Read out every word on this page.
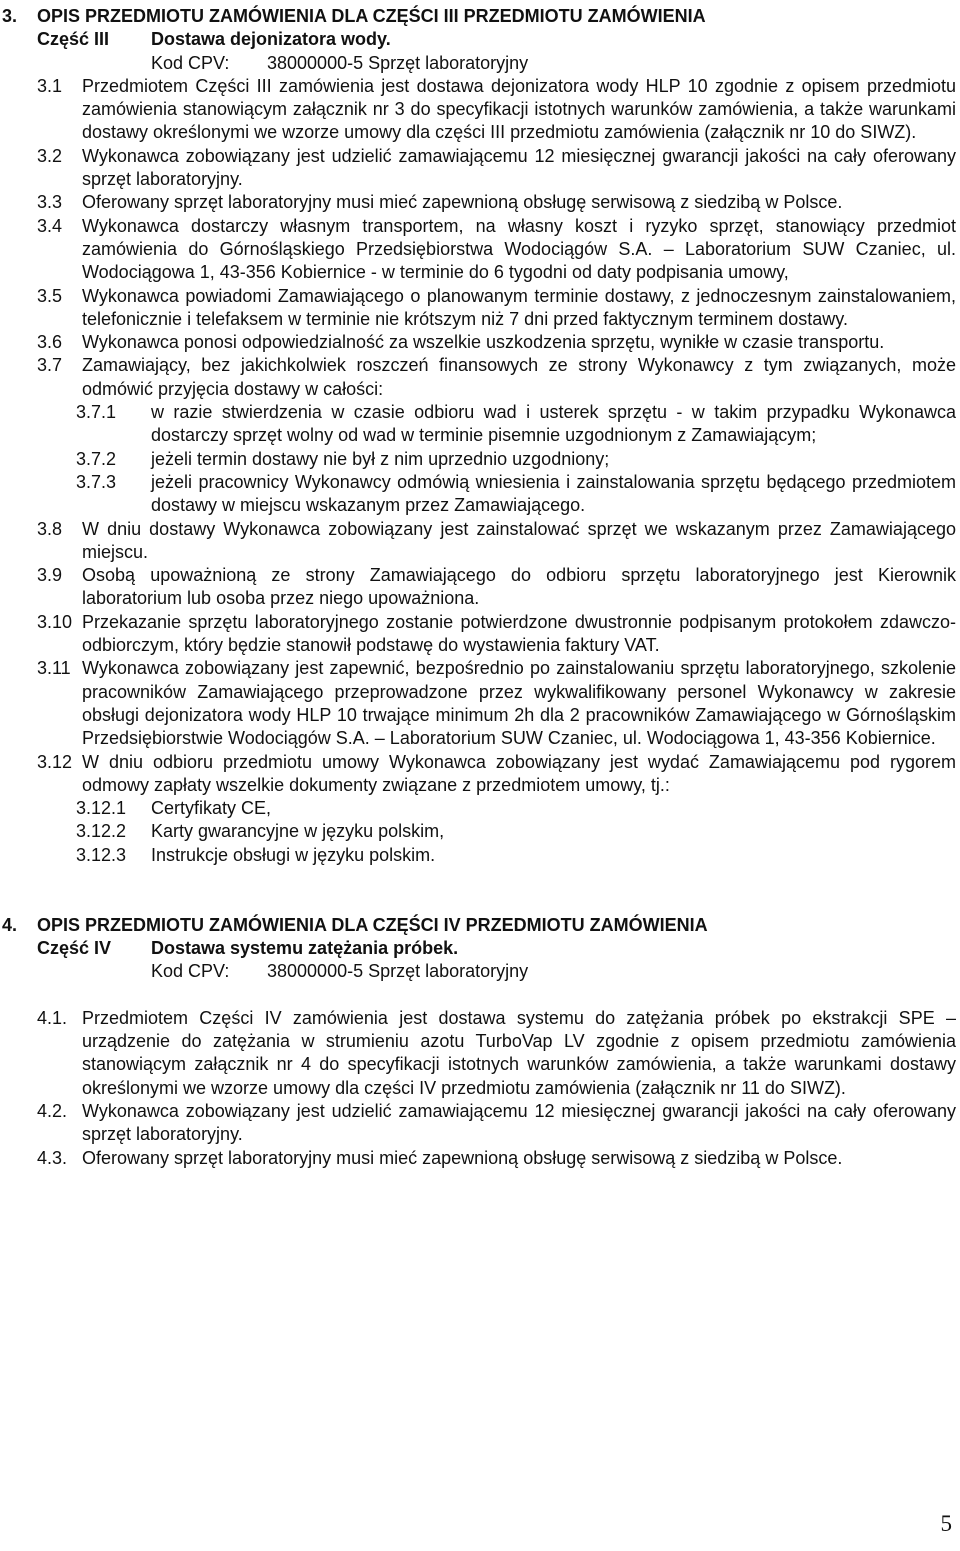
3. OPIS PRZEDMIOTU ZAMÓWIENIA DLA CZĘŚCI III PRZEDMIOTU ZAMÓWIENIA
Część III Dostawa dejonizatora wody.
Kod CPV: 38000000-5 Sprzęt laboratoryjny
3.1 Przedmiotem Części III zamówienia jest dostawa dejonizatora wody HLP 10 zgodnie z opisem przedmiotu zamówienia stanowiącym załącznik nr 3 do specyfikacji istotnych warunków zamówienia, a także warunkami dostawy określonymi we wzorze umowy dla części III przedmiotu zamówienia (załącznik nr 10 do SIWZ).
3.2 Wykonawca zobowiązany jest udzielić zamawiającemu 12 miesięcznej gwarancji jakości na cały oferowany sprzęt laboratoryjny.
3.3 Oferowany sprzęt laboratoryjny musi mieć zapewnioną obsługę serwisową z siedzibą w Polsce.
3.4 Wykonawca dostarczy własnym transportem, na własny koszt i ryzyko sprzęt, stanowiący przedmiot zamówienia do Górnośląskiego Przedsiębiorstwa Wodociągów S.A. – Laboratorium SUW Czaniec, ul. Wodociągowa 1, 43-356 Kobiernice - w terminie do 6 tygodni od daty podpisania umowy,
3.5 Wykonawca powiadomi Zamawiającego o planowanym terminie dostawy, z jednoczesnym zainstalowaniem, telefonicznie i telefaksem w terminie nie krótszym niż 7 dni przed faktycznym terminem dostawy.
3.6 Wykonawca ponosi odpowiedzialność za wszelkie uszkodzenia sprzętu, wynikłe w czasie transportu.
3.7 Zamawiający, bez jakichkolwiek roszczeń finansowych ze strony Wykonawcy z tym związanych, może odmówić przyjęcia dostawy w całości:
3.7.1 w razie stwierdzenia w czasie odbioru wad i usterek sprzętu - w takim przypadku Wykonawca dostarczy sprzęt wolny od wad w terminie pisemnie uzgodnionym z Zamawiającym;
3.7.2 jeżeli termin dostawy nie był z nim uprzednio uzgodniony;
3.7.3 jeżeli pracownicy Wykonawcy odmówią wniesienia i zainstalowania sprzętu będącego przedmiotem dostawy w miejscu wskazanym przez Zamawiającego.
3.8 W dniu dostawy Wykonawca zobowiązany jest zainstalować sprzęt we wskazanym przez Zamawiającego miejscu.
3.9 Osobą upoważnioną ze strony Zamawiającego do odbioru sprzętu laboratoryjnego jest Kierownik laboratorium lub osoba przez niego upoważniona.
3.10 Przekazanie sprzętu laboratoryjnego zostanie potwierdzone dwustronnie podpisanym protokołem zdawczo-odbiorczym, który będzie stanowił podstawę do wystawienia faktury VAT.
3.11 Wykonawca zobowiązany jest zapewnić, bezpośrednio po zainstalowaniu sprzętu laboratoryjnego, szkolenie pracowników Zamawiającego przeprowadzone przez wykwalifikowany personel Wykonawcy w zakresie obsługi dejonizatora wody HLP 10 trwające minimum 2h dla 2 pracowników Zamawiającego w Górnośląskim Przedsiębiorstwie Wodociągów S.A. – Laboratorium SUW Czaniec, ul. Wodociągowa 1, 43-356 Kobiernice.
3.12 W dniu odbioru przedmiotu umowy Wykonawca zobowiązany jest wydać Zamawiającemu pod rygorem odmowy zapłaty wszelkie dokumenty związane z przedmiotem umowy, tj.:
3.12.1 Certyfikaty CE,
3.12.2 Karty gwarancyjne w języku polskim,
3.12.3 Instrukcje obsługi w języku polskim.
4. OPIS PRZEDMIOTU ZAMÓWIENIA DLA CZĘŚCI IV PRZEDMIOTU ZAMÓWIENIA
Część IV Dostawa systemu zatężania próbek.
Kod CPV: 38000000-5 Sprzęt laboratoryjny
4.1. Przedmiotem Części IV zamówienia jest dostawa systemu do zatężania próbek po ekstrakcji SPE – urządzenie do zatężania w strumieniu azotu TurboVap LV zgodnie z opisem przedmiotu zamówienia stanowiącym załącznik nr 4 do specyfikacji istotnych warunków zamówienia, a także warunkami dostawy określonymi we wzorze umowy dla części IV przedmiotu zamówienia (załącznik nr 11 do SIWZ).
4.2. Wykonawca zobowiązany jest udzielić zamawiającemu 12 miesięcznej gwarancji jakości na cały oferowany sprzęt laboratoryjny.
4.3. Oferowany sprzęt laboratoryjny musi mieć zapewnioną obsługę serwisową z siedzibą w Polsce.
5
